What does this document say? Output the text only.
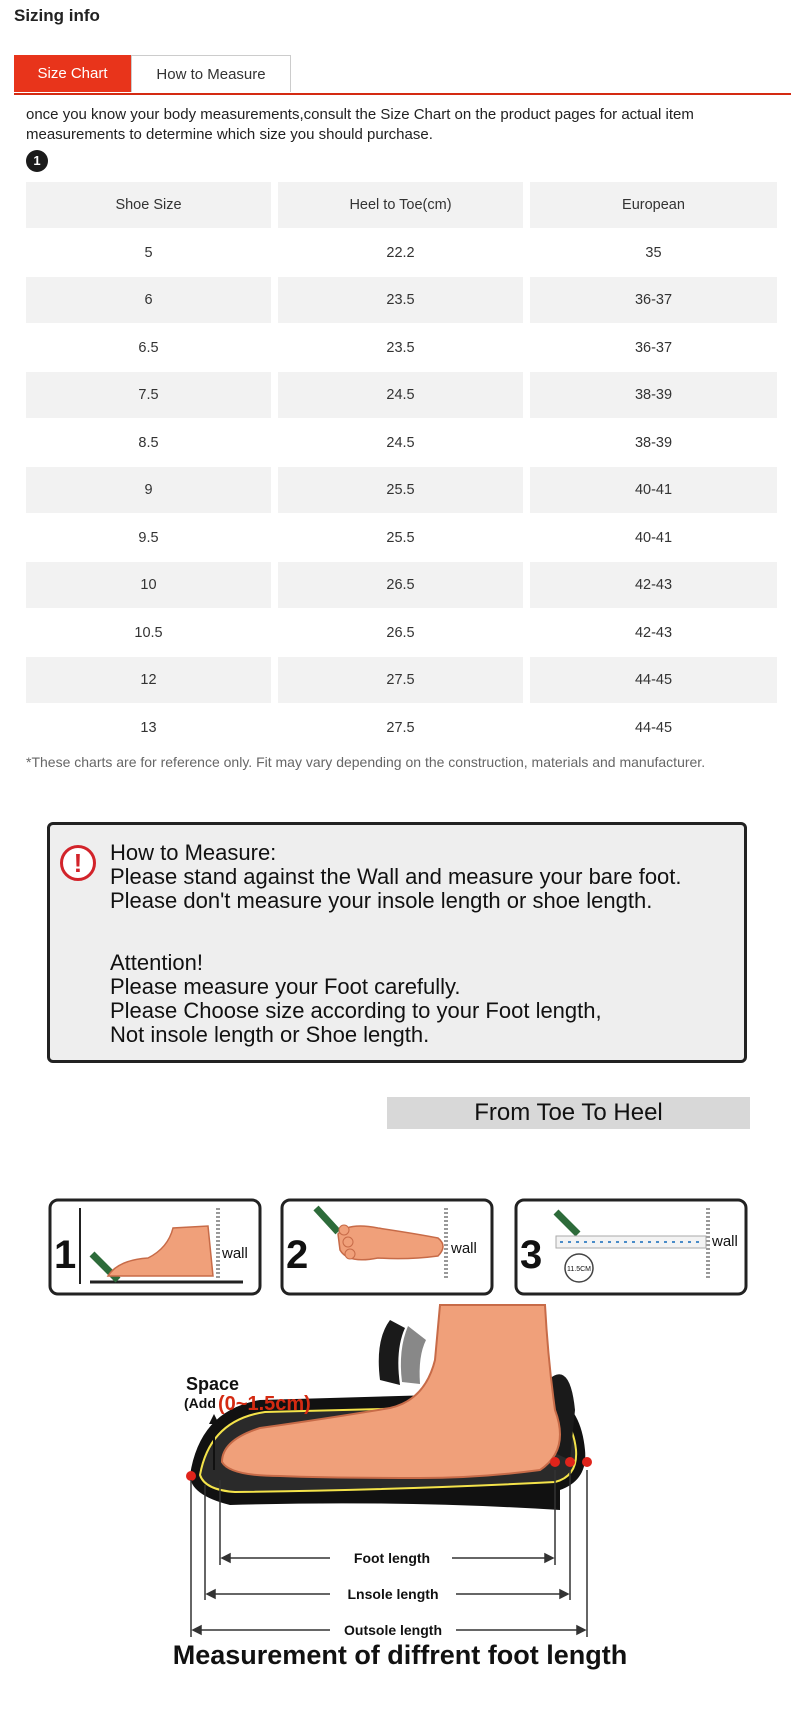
Sizing info
Size Chart	How to Measure
once you know your body measurements,consult the Size Chart on the product pages for actual item measurements to determine which size you should purchase.
1
Shoe Size	Heel to Toe(cm)	European
5	22.2	35
6	23.5	36-37
6.5	23.5	36-37
7.5	24.5	38-39
8.5	24.5	38-39
9	25.5	40-41
9.5	25.5	40-41
10	26.5	42-43
10.5	26.5	42-43
12	27.5	44-45
13	27.5	44-45
*These charts are for reference only. Fit may vary depending on the construction, materials and manufacturer.
!	How to Measure:
Please stand against the Wall and measure your bare foot.
Please don't measure your insole length or shoe length.
Attention!
Please measure your Foot carefully.
Please Choose size according to your Foot length,
Not insole length or Shoe length.
From Toe To Heel
1	wall 2	wall 3	wall
11.5CM
Foot length
Lnsole length
Outsole length
Space
(Add (0~1.5cm)
Measurement of diffrent foot length
